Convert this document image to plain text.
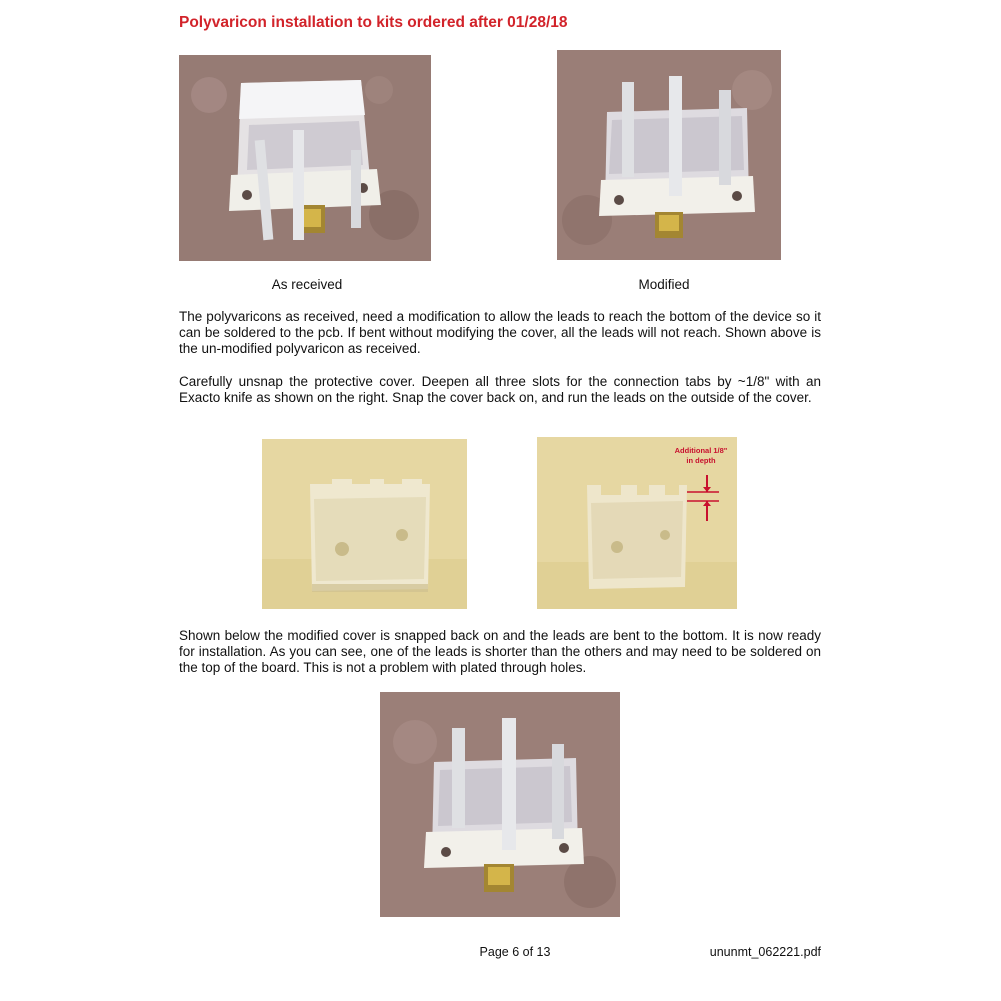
Polyvaricon installation to kits ordered after 01/28/18
As received	Modified

The polyvaricons as received, need a modification to allow the leads to reach the bottom of the device so it can be soldered to the pcb. If bent without modifying the cover, all the leads will not reach. Shown above is the un-modified polyvaricon as received.

Carefully unsnap the protective cover. Deepen all three slots for the connection tabs by ~1/8" with an Exacto knife as shown on the right. Snap the cover back on, and run the leads on the outside of the cover.

Additional 1/8"
in depth

Shown below the modified cover is snapped back on and the leads are bent to the bottom. It is now ready for installation. As you can see, one of the leads is shorter than the others and may need to be soldered on the top of the board. This is not a problem with plated through holes.

Page 6 of 13	ununmt_062221.pdf
